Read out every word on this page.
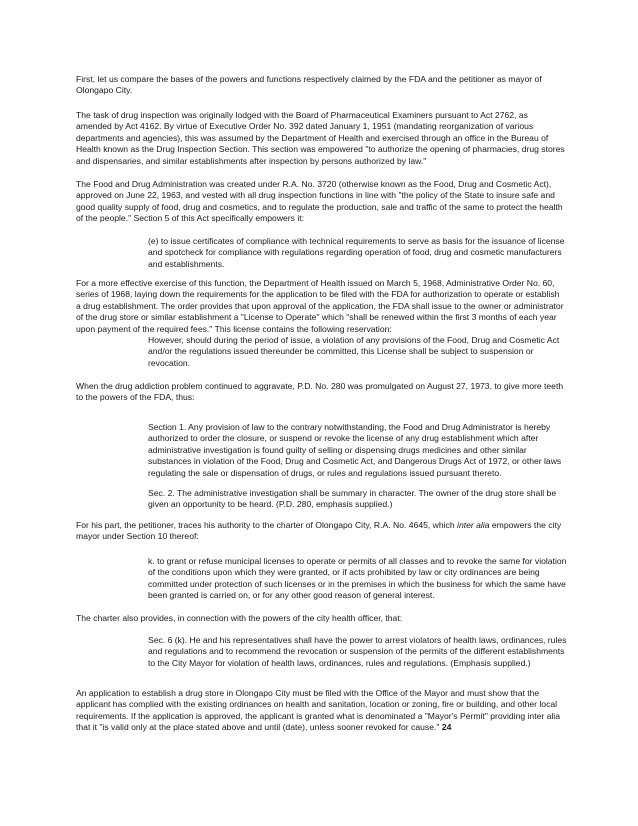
First, let us compare the bases of the powers and functions respectively claimed by the FDA and the petitioner as mayor of Olongapo City.

The task of drug inspection was originally lodged with the Board of Pharmaceutical Examiners pursuant to Act 2762, as amended by Act 4162. By virtue of Executive Order No. 392 dated January 1, 1951 (mandating reorganization of various departments and agencies), this was assumed by the Department of Health and exercised through an office in the Bureau of Health known as the Drug Inspection Section. This section was empowered "to authorize the opening of pharmacies, drug stores and dispensaries, and similar establishments after inspection by persons authorized by law."

The Food and Drug Administration was created under R.A. No. 3720 (otherwise known as the Food, Drug and Cosmetic Act), approved on June 22, 1963, and vested with all drug inspection functions in line with "the policy of the State to insure safe and good quality supply of food, drug and cosmetics, and to regulate the production, sale and traffic of the same to protect the health of the people." Section 5 of this Act specifically empowers it:

(e) to issue certificates of compliance with technical requirements to serve as basis for the issuance of license and spotcheck for compliance with regulations regarding operation of food, drug and cosmetic manufacturers and establishments.

For a more effective exercise of this function, the Department of Health issued on March 5, 1968, Administrative Order No. 60, series of 1968, laying down the requirements for the application to be filed with the FDA for authorization to operate or establish a drug establishment. The order provides that upon approval of the application, the FDA shall issue to the owner or administrator of the drug store or similar establishment a "License to Operate" which "shall be renewed within the first 3 months of each year upon payment of the required fees." This license contains the following reservation:

However, should during the period of issue, a violation of any provisions of the Food, Drug and Cosmetic Act and/or the regulations issued thereunder be committed, this License shall be subject to suspension or revocation.

When the drug addiction problem continued to aggravate, P.D. No. 280 was promulgated on August 27, 1973, to give more teeth to the powers of the FDA, thus:

Section 1. Any provision of law to the contrary notwithstanding, the Food and Drug Administrator is hereby authorized to order the closure, or suspend or revoke the license of any drug establishment which after administrative investigation is found guilty of selling or dispensing drugs medicines and other similar substances in violation of the Food, Drug and Cosmetic Act, and Dangerous Drugs Act of 1972, or other laws regulating the sale or dispensation of drugs, or rules and regulations issued pursuant thereto.

Sec. 2. The administrative investigation shall be summary in character. The owner of the drug store shall be given an opportunity to be heard. (P.D. 280, emphasis supplied.)

For his part, the petitioner, traces his authority to the charter of Olongapo City, R.A. No. 4645, which inter alia empowers the city mayor under Section 10 thereof:

k. to grant or refuse municipal licenses to operate or permits of all classes and to revoke the same for violation of the conditions upon which they were granted, or if acts prohibited by law or city ordinances are being committed under protection of such licenses or in the premises in which the business for which the same have been granted is carried on, or for any other good reason of general interest.

The charter also provides, in connection with the powers of the city health officer, that:

Sec. 6 (k). He and his representatives shall have the power to arrest violators of health laws, ordinances, rules and regulations and to recommend the revocation or suspension of the permits of the different establishments to the City Mayor for violation of health laws, ordinances, rules and regulations. (Emphasis supplied.)

An application to establish a drug store in Olongapo City must be filed with the Office of the Mayor and must show that the applicant has complied with the existing ordinances on health and sanitation, location or zoning, fire or building, and other local requirements. If the application is approved, the applicant is granted what is denominated a "Mayor's Permit" providing inter alia that it "is valid only at the place stated above and until (date), unless sooner revoked for cause." 24
